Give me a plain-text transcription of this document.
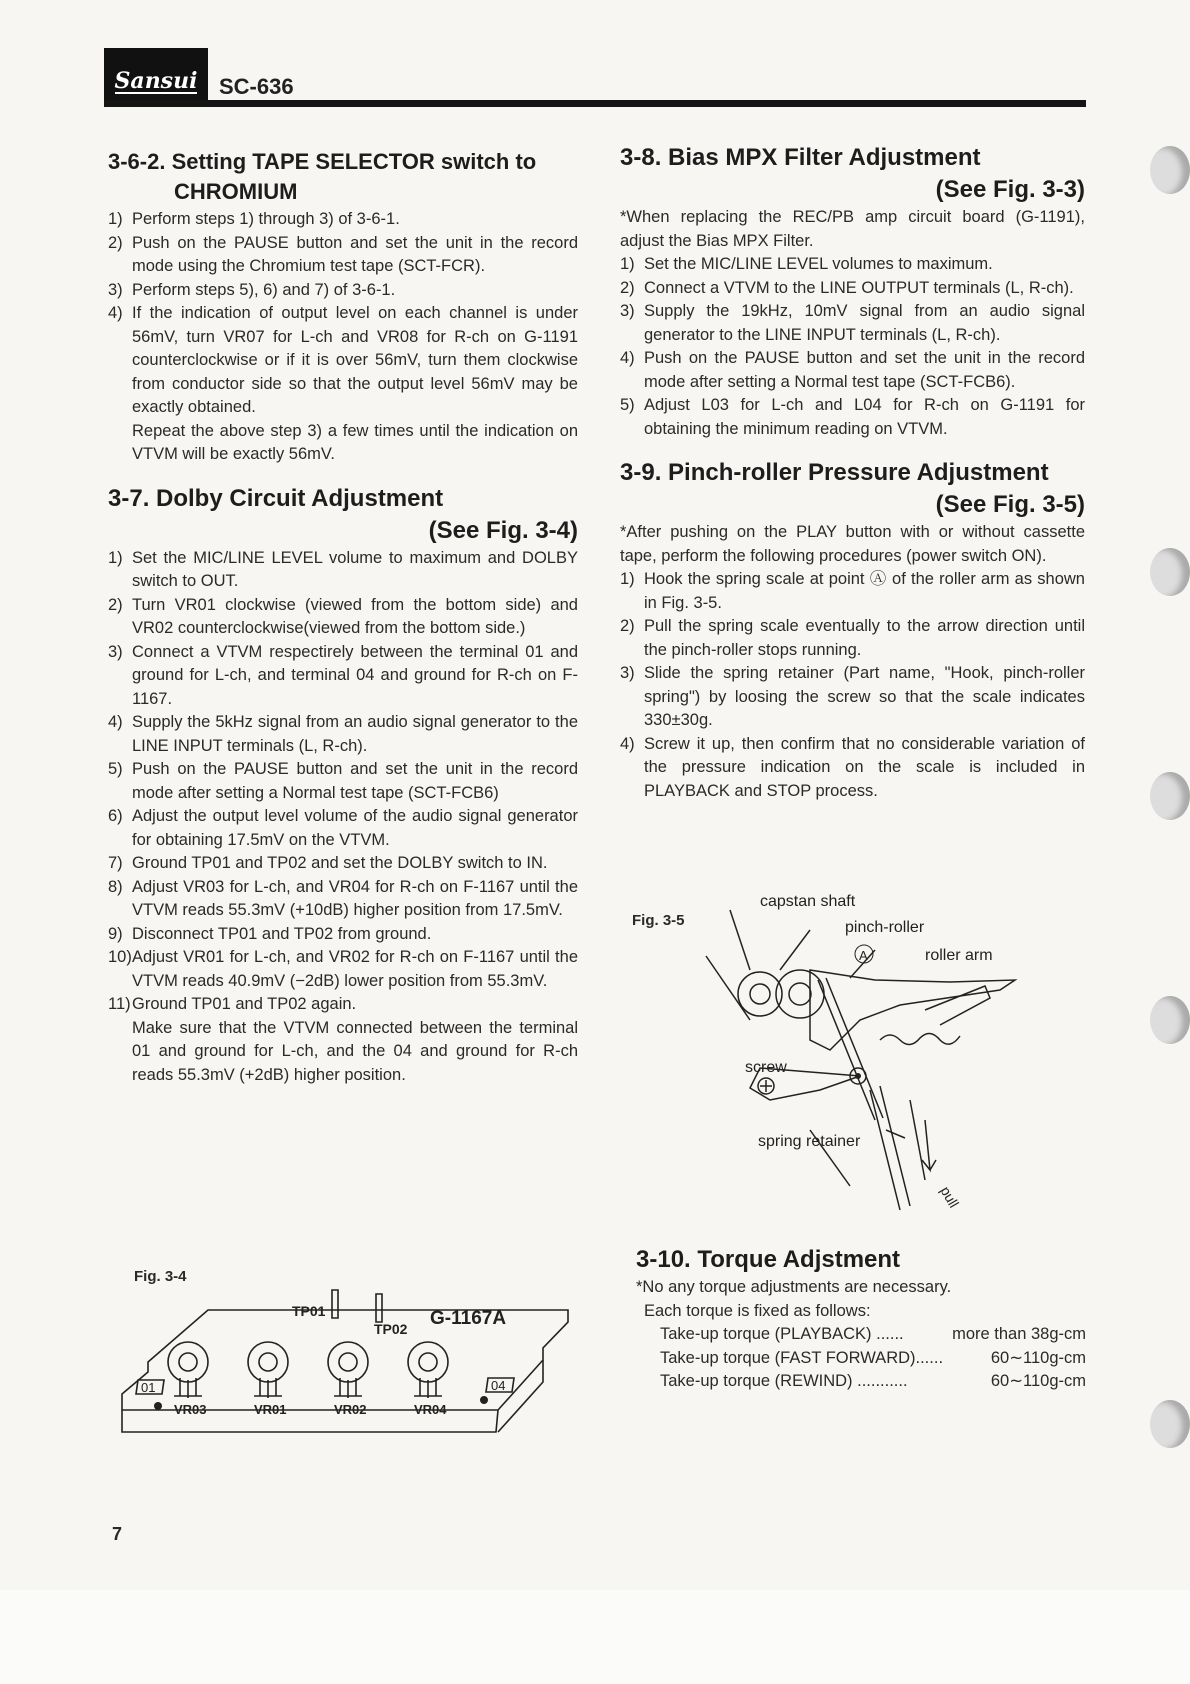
Sansui SC-636
3-6-2. Setting TAPE SELECTOR switch to
CHROMIUM
1) Perform steps 1) through 3) of 3-6-1.
2) Push on the PAUSE button and set the unit in the record mode using the Chromium test tape (SCT-FCR).
3) Perform steps 5), 6) and 7) of 3-6-1.
4) If the indication of output level on each channel is under 56mV, turn VR07 for L-ch and VR08 for R-ch on G-1191 counterclockwise or if it is over 56mV, turn them clockwise from conductor side so that the output level 56mV may be exactly obtained.

Repeat the above step 3) a few times until the indication on VTVM will be exactly 56mV.

3-7. Dolby Circuit Adjustment
(See Fig. 3-4)
1) Set the MIC/LINE LEVEL volume to maximum and DOLBY switch to OUT.
2) Turn VR01 clockwise (viewed from the bottom side) and VR02 counterclockwise(viewed from the bottom side.)
3) Connect a VTVM respectirely between the terminal 01 and ground for L-ch, and terminal 04 and ground for R-ch on F-1167.
4) Supply the 5kHz signal from an audio signal generator to the LINE INPUT terminals (L, R-ch).
5) Push on the PAUSE button and set the unit in the record mode after setting a Normal test tape (SCT-FCB6)
6) Adjust the output level volume of the audio signal generator for obtaining 17.5mV on the VTVM.
7) Ground TP01 and TP02 and set the DOLBY switch to IN.
8) Adjust VR03 for L-ch, and VR04 for R-ch on F-1167 until the VTVM reads 55.3mV (+10dB) higher position from 17.5mV.
9) Disconnect TP01 and TP02 from ground.
10) Adjust VR01 for L-ch, and VR02 for R-ch on F-1167 until the VTVM reads 40.9mV (−2dB) lower position from 55.3mV.
11) Ground TP01 and TP02 again.

Make sure that the VTVM connected between the terminal 01 and ground for L-ch, and the 04 and ground for R-ch reads 55.3mV (+2dB) higher position.

Fig. 3-4
TP01
TP02 G-1167A
01	04
VR03	VR01	VR02	VR04
3-8. Bias MPX Filter Adjustment
(See Fig. 3-3)

*When replacing the REC/PB amp circuit board (G-1191), adjust the Bias MPX Filter.

1) Set the MIC/LINE LEVEL volumes to maximum.
2) Connect a VTVM to the LINE OUTPUT terminals (L, R-ch).
3) Supply the 19kHz, 10mV signal from an audio signal generator to the LINE INPUT terminals (L, R-ch).
4) Push on the PAUSE button and set the unit in the record mode after setting a Normal test tape (SCT-FCB6).
5) Adjust L03 for L-ch and L04 for R-ch on G-1191 for obtaining the minimum reading on VTVM.
3-9. Pinch-roller Pressure Adjustment
(See Fig. 3-5)

*After pushing on the PLAY button with or without cassette tape, perform the following procedures (power switch ON).

1) Hook the spring scale at point Ⓐ of the roller arm as shown in Fig. 3-5.
2) Pull the spring scale eventually to the arrow direction until the pinch-roller stops running.
3) Slide the spring retainer (Part name, "Hook, pinch-roller spring") by loosing the screw so that the scale indicates 330±30g.
4) Screw it up, then confirm that no considerable variation of the pressure indication on the scale is included in PLAYBACK and STOP process.
Fig. 3-5
capstan shaft
pinch-roller
A	roller arm
screw
spring retainer
pull
3-10. Torque Adjstment

*No any torque adjustments are necessary.

Each torque is fixed as follows:

Take-up torque (PLAYBACK) ......	more than 38g-cm
Take-up torque (FAST FORWARD)......	60∼110g-cm
Take-up torque (REWIND) ...........	60∼110g-cm
7
